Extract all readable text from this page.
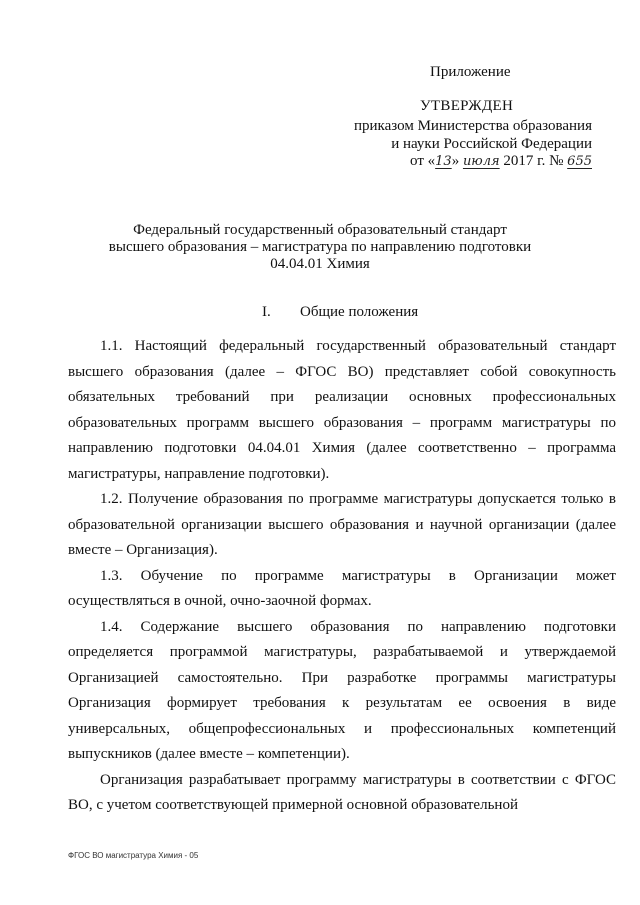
Приложение
УТВЕРЖДЕН
приказом Министерства образования
и науки Российской Федерации
от «13» июля 2017 г. № 655
Федеральный государственный образовательный стандарт
высшего образования – магистратура по направлению подготовки
04.04.01 Химия
I. Общие положения

1.1. Настоящий федеральный государственный образовательный стандарт высшего образования (далее – ФГОС ВО) представляет собой совокупность обязательных требований при реализации основных профессиональных образовательных программ высшего образования – программ магистратуры по направлению подготовки 04.04.01 Химия (далее соответственно – программа магистратуры, направление подготовки).

1.2. Получение образования по программе магистратуры допускается только в образовательной организации высшего образования и научной организации (далее вместе – Организация).

1.3. Обучение по программе магистратуры в Организации может осуществляться в очной, очно-заочной формах.

1.4. Содержание высшего образования по направлению подготовки определяется программой магистратуры, разрабатываемой и утверждаемой Организацией самостоятельно. При разработке программы магистратуры Организация формирует требования к результатам ее освоения в виде универсальных, общепрофессиональных и профессиональных компетенций выпускников (далее вместе – компетенции).

Организация разрабатывает программу магистратуры в соответствии с ФГОС ВО, с учетом соответствующей примерной основной образовательной

ФГОС ВО магистратура Химия - 05
